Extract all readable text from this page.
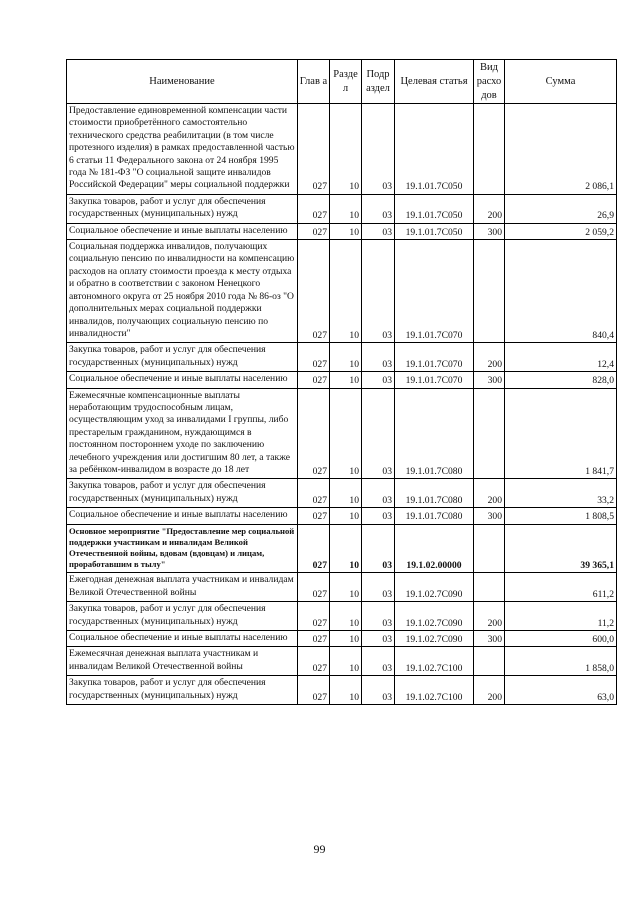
Наименование	Глав а	Разде л	Подр аздел	Целевая статья	Вид расхо дов	Сумма
Предоставление единовременной компенсации части стоимости приобретённого самостоятельно технического средства реабилитации (в том числе протезного изделия) в рамках предоставленной частью 6 статьи 11 Федерального закона от 24 ноября 1995 года № 181-ФЗ "О социальной защите инвалидов Российской Федерации" меры социальной поддержки	027	10	03	19.1.01.7С050		2 086,1
Закупка товаров, работ и услуг для обеспечения государственных (муниципальных) нужд	027	10	03	19.1.01.7С050	200	26,9
Социальное обеспечение и иные выплаты населению	027	10	03	19.1.01.7С050	300	2 059,2
Социальная поддержка инвалидов, получающих социальную пенсию по инвалидности на компенсацию расходов на оплату стоимости проезда к месту отдыха и обратно в соответствии с законом Ненецкого автономного округа от 25 ноября 2010 года № 86-оз "О дополнительных мерах социальной поддержки инвалидов, получающих социальную пенсию по инвалидности"	027	10	03	19.1.01.7С070		840,4
Закупка товаров, работ и услуг для обеспечения государственных (муниципальных) нужд	027	10	03	19.1.01.7С070	200	12,4
Социальное обеспечение и иные выплаты населению	027	10	03	19.1.01.7С070	300	828,0
Ежемесячные компенсационные выплаты неработающим трудоспособным лицам, осуществляющим уход за инвалидами I группы, либо престарелым гражданином, нуждающимся в постоянном постороннем уходе по заключению лечебного учреждения или достигшим 80 лет, а также за ребёнком-инвалидом в возрасте до 18 лет	027	10	03	19.1.01.7С080		1 841,7
Закупка товаров, работ и услуг для обеспечения государственных (муниципальных) нужд	027	10	03	19.1.01.7С080	200	33,2
Социальное обеспечение и иные выплаты населению	027	10	03	19.1.01.7С080	300	1 808,5
Основное мероприятие "Предоставление мер социальной поддержки участникам и инвалидам Великой Отечественной войны, вдовам (вдовцам) и лицам, проработавшим в тылу"	027	10	03	19.1.02.00000		39 365,1
Ежегодная денежная выплата участникам и инвалидам Великой Отечественной войны	027	10	03	19.1.02.7С090		611,2
Закупка товаров, работ и услуг для обеспечения государственных (муниципальных) нужд	027	10	03	19.1.02.7С090	200	11,2
Социальное обеспечение и иные выплаты населению	027	10	03	19.1.02.7С090	300	600,0
Ежемесячная денежная выплата участникам и инвалидам Великой Отечественной войны	027	10	03	19.1.02.7С100		1 858,0
Закупка товаров, работ и услуг для обеспечения государственных (муниципальных) нужд	027	10	03	19.1.02.7С100	200	63,0
99
